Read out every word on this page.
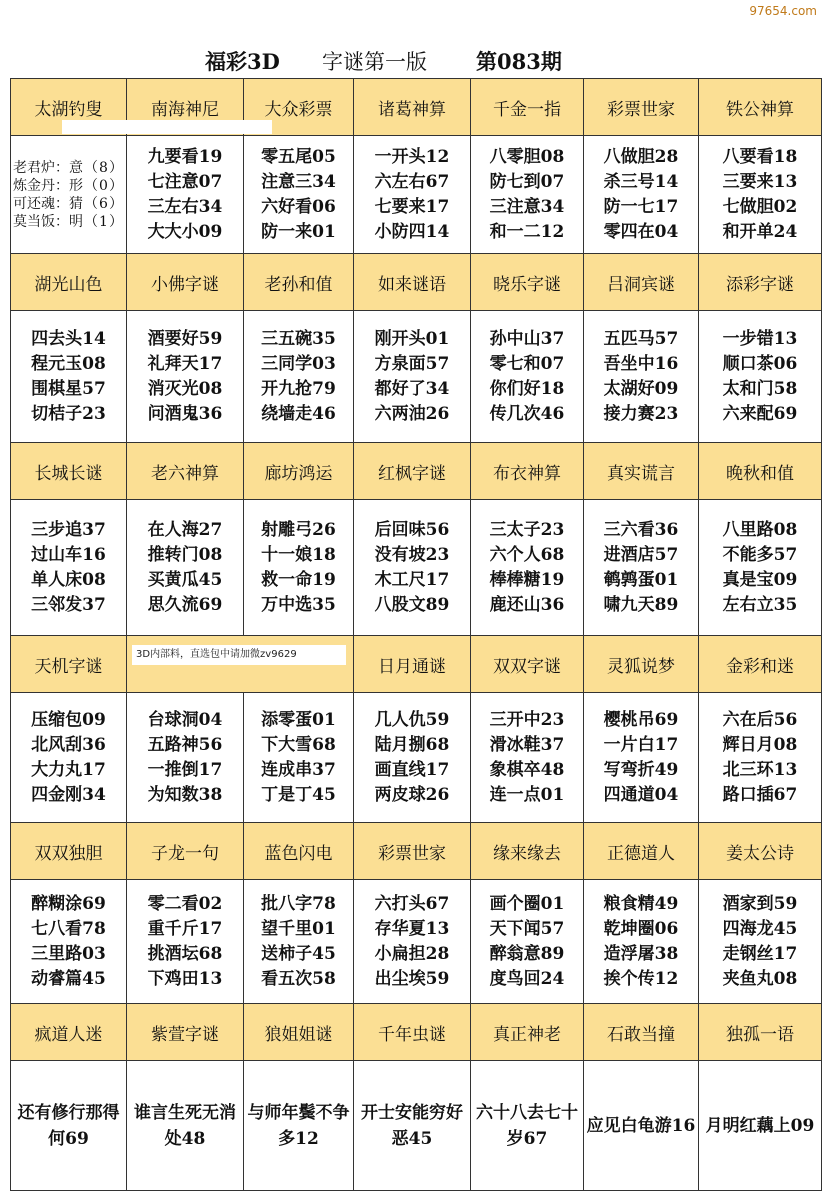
97654.com
福彩3D 字谜第一版 第083期
太湖钓叟	南海神尼	大众彩票	诸葛神算	千金一指	彩票世家	铁公神算

老君炉：意（8）
炼金丹：形（0）
可还魂：猜（6）
莫当饭：明（1）	九要看19
七注意07
三左右34
大大小09	零五尾05
注意三34
六好看06
防一来01	一开头12
六左右67
七要来17
小防四14	八零胆08
防七到07
三注意34
和一二12	八做胆28
杀三号14
防一七17
零四在04	八要看18
三要来13
七做胆02
和开单24

湖光山色	小佛字谜	老孙和值	如来谜语	晓乐字谜	吕洞宾谜	添彩字谜

四去头14
程元玉08
围棋星57
切桔子23	酒要好59
礼拜天17
消灭光08
问酒鬼36	三五碗35
三同学03
开九抢79
绕墙走46	刚开头01
方泉面57
都好了34
六两油26	孙中山37
零七和07
你们好18
传几次46	五匹马57
吾坐中16
太湖好09
接力赛23	一步错13
顺口茶06
太和门58
六来配69

长城长谜	老六神算	廊坊鸿运	红枫字谜	布衣神算	真实谎言	晚秋和值

三步追37
过山车16
单人床08
三邻发37	在人海27
推转门08
买黄瓜45
思久流69	射雕弓26
十一娘18
救一命19
万中选35	后回味56
没有坡23
木工尺17
八股文89	三太子23
六个人68
棒棒糖19
鹿还山36	三六看36
进酒店57
鹌鹑蛋01
啸九天89	八里路08
不能多57
真是宝09
左右立35

天机字谜			日月通谜	双双字谜	灵狐说梦	金彩和迷

压缩包09
北风刮36
大力丸17
四金刚34	台球洞04
五路神56
一推倒17
为知数38	添零蛋01
下大雪68
连成串37
丁是丁45	几人仇59
陆月捌68
画直线17
两皮球26	三开中23
滑冰鞋37
象棋卒48
连一点01	樱桃吊69
一片白17
写弯折49
四通道04	六在后56
辉日月08
北三环13
路口插67

双双独胆	子龙一句	蓝色闪电	彩票世家	缘来缘去	正德道人	姜太公诗

醉糊涂69
七八看78
三里路03
动睿篇45	零二看02
重千斤17
挑酒坛68
下鸡田13	批八字78
望千里01
送柿子45
看五次58	六打头67
存华夏13
小扁担28
出尘埃59	画个圈01
天下闻57
醉翁意89
度鸟回24	粮食精49
乾坤圈06
造浮屠38
挨个传12	酒家到59
四海龙45
走钢丝17
夹鱼丸08

疯道人迷	紫萱字谜	狼姐姐谜	千年虫谜	真正神老	石敢当撞	独孤一语
还有修行那得何69	谁言生死无消处48	与师年鬓不争多12	开士安能穷好恶45	六十八去七十岁67	应见白龟游16	月明红藕上09
3D内部料，直选包中请加微zv9629
